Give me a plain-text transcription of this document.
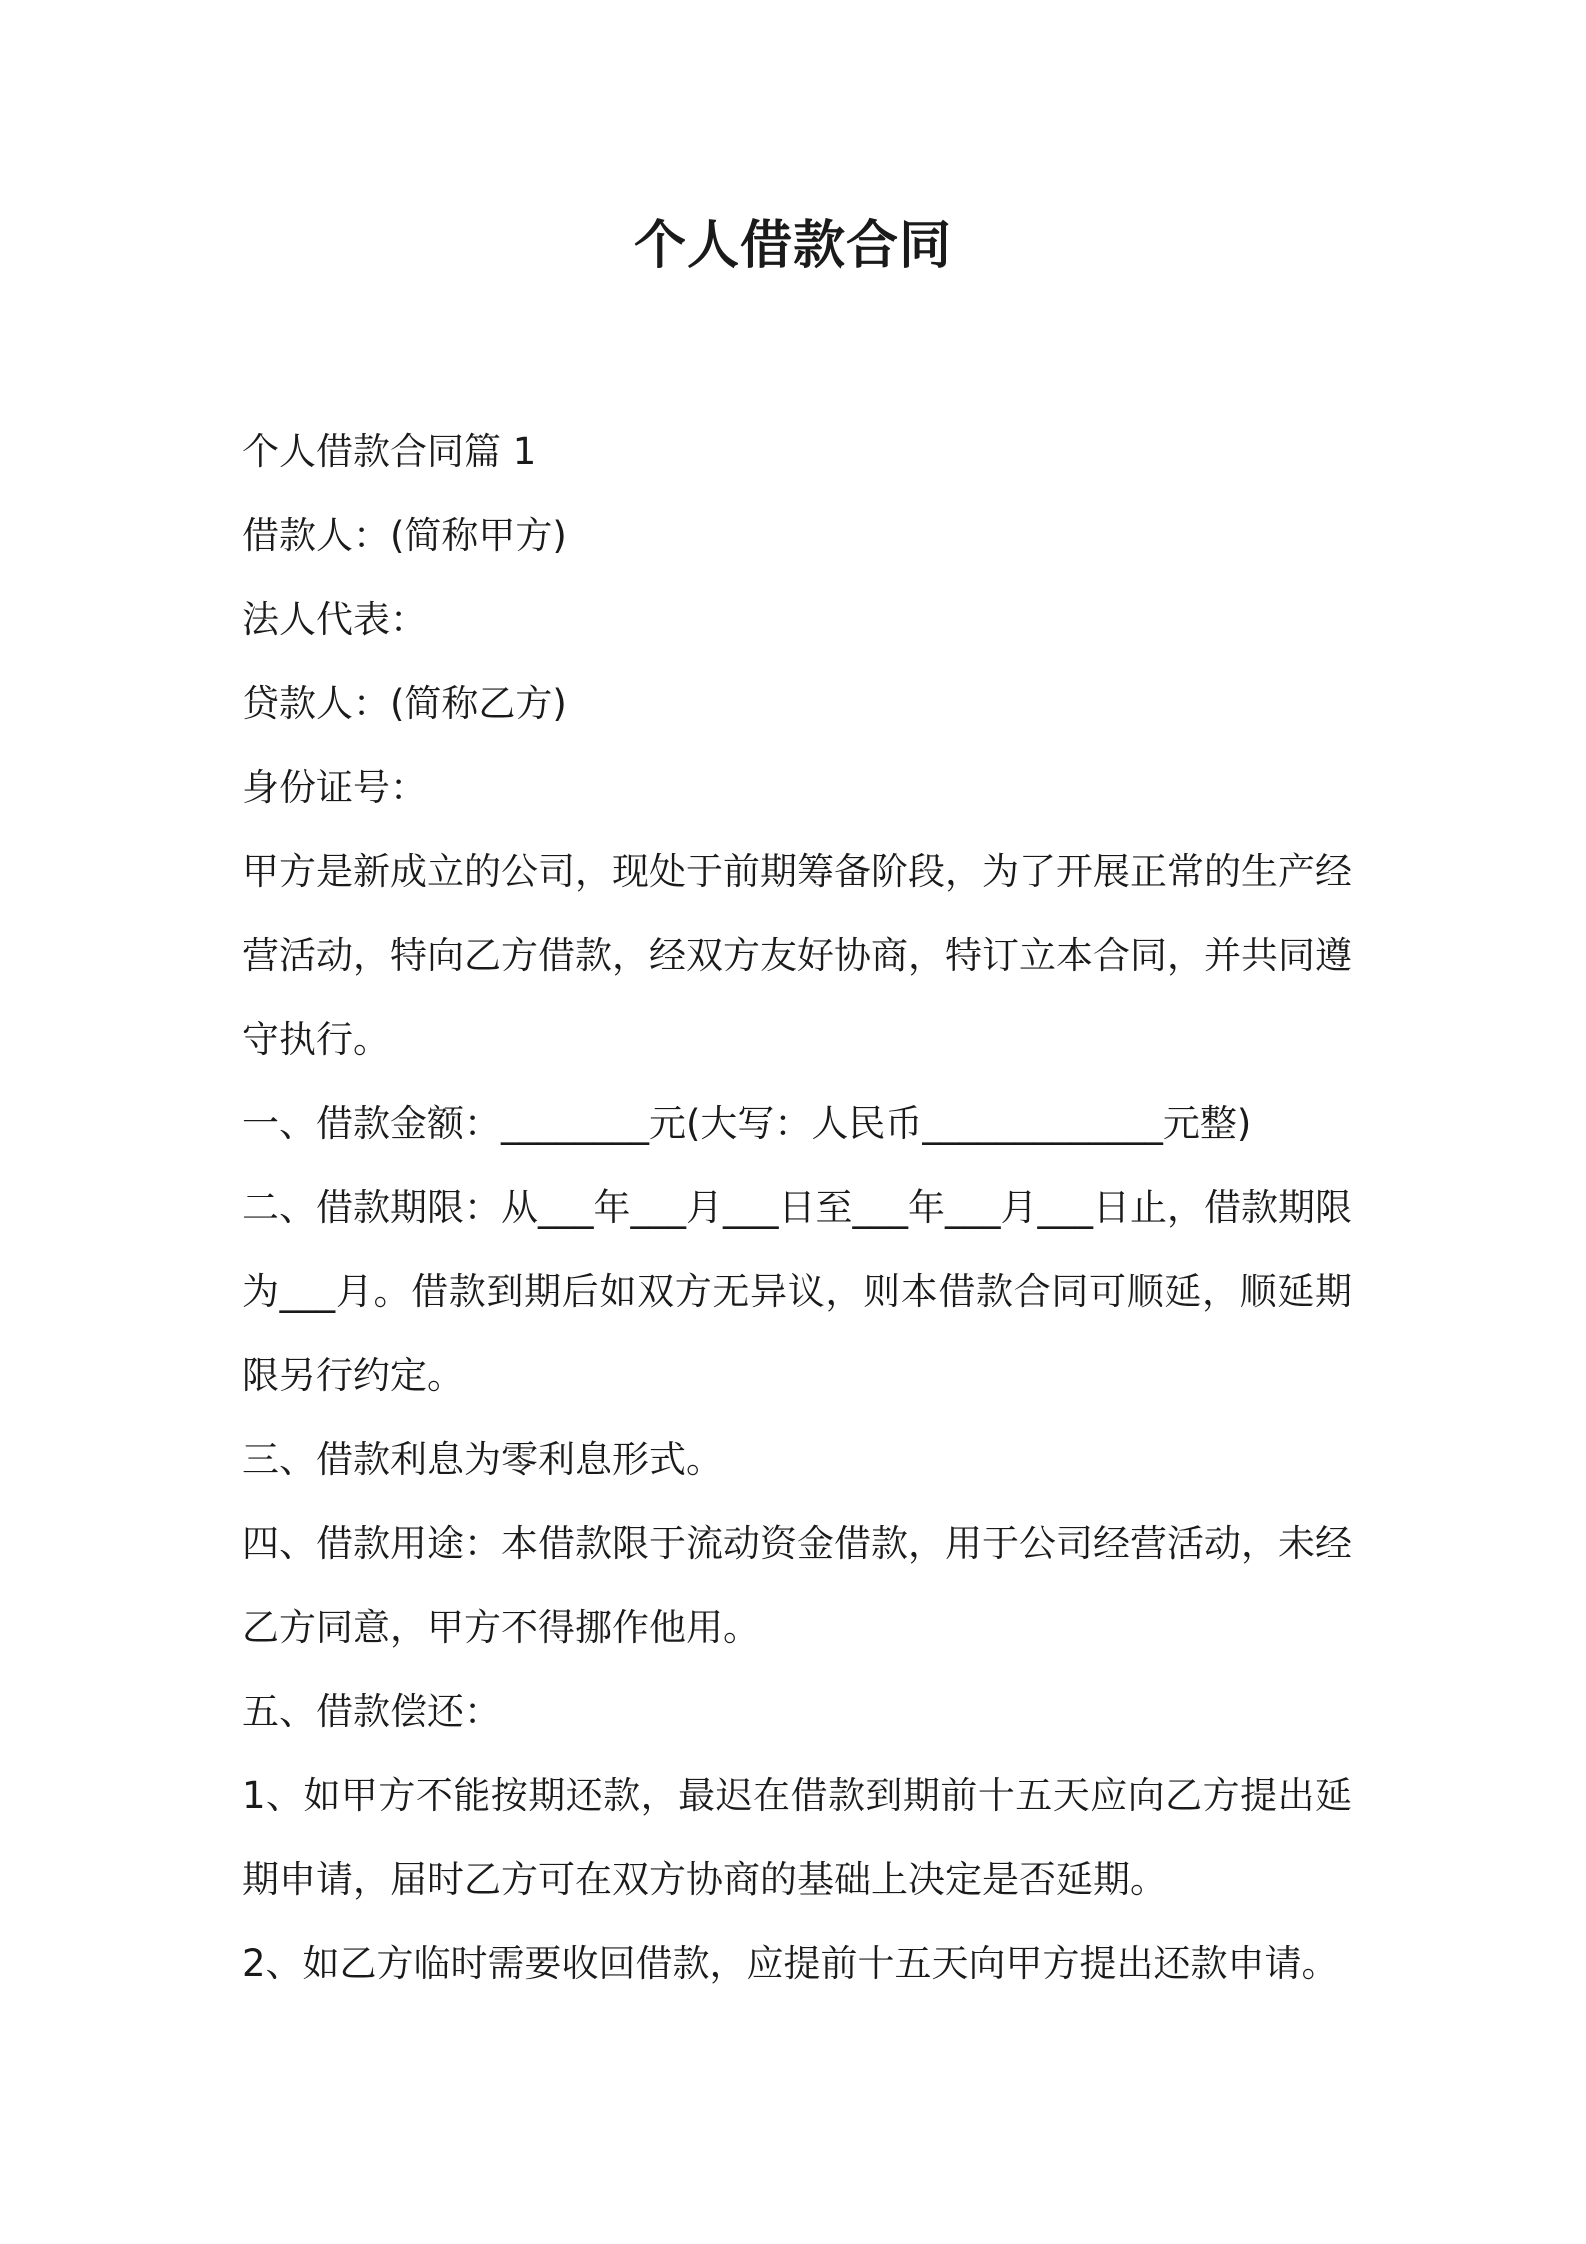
个人借款合同

个人借款合同篇 1

借款人：(简称甲方)

法人代表：

贷款人：(简称乙方)

身份证号：

甲方是新成立的公司，现处于前期筹备阶段，为了开展正常的生产经营活动，特向乙方借款，经双方友好协商，特订立本合同，并共同遵守执行。

一、借款金额：________元(大写：人民币_____________元整)

二、借款期限：从___年___月___日至___年___月___日止，借款期限为___月。借款到期后如双方无异议，则本借款合同可顺延，顺延期限另行约定。

三、借款利息为零利息形式。

四、借款用途：本借款限于流动资金借款，用于公司经营活动，未经乙方同意，甲方不得挪作他用。

五、借款偿还：

1、如甲方不能按期还款，最迟在借款到期前十五天应向乙方提出延期申请，届时乙方可在双方协商的基础上决定是否延期。

2、如乙方临时需要收回借款，应提前十五天向甲方提出还款申请。
